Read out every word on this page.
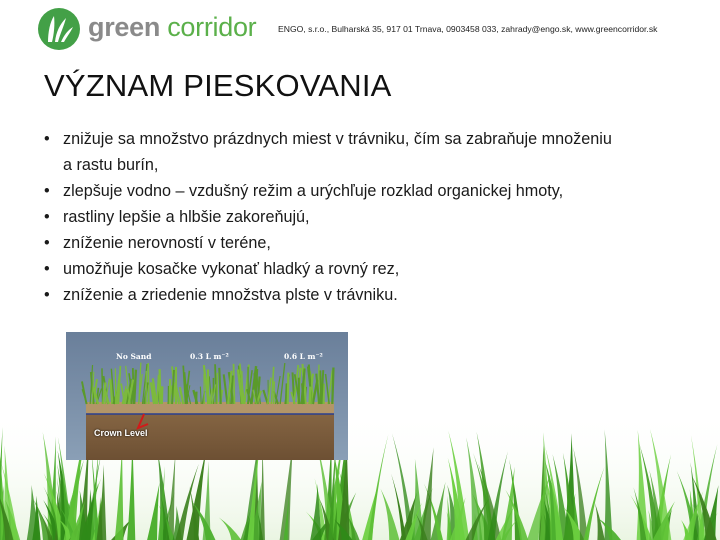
green corridor	ENGO, s.r.o., Bulharská 35, 917 01 Trnava, 0903458 033, zahrady@engo.sk, www.greencorridor.sk
VÝZNAM PIESKOVANIA
• znižuje sa množstvo prázdnych miest v trávniku, čím sa zabraňuje množeniu
a rastu burín,
• zlepšuje vodno – vzdušný režim a urýchľuje rozklad organickej hmoty,
• rastliny lepšie a hlbšie zakoreňujú,
• zníženie nerovností v teréne,
• umožňuje kosačke vykonať hladký a rovný rez,
• zníženie a zriedenie množstva plste v trávniku.
No Sand	0.3 L m⁻²	0.6 L m⁻²
Crown Level
